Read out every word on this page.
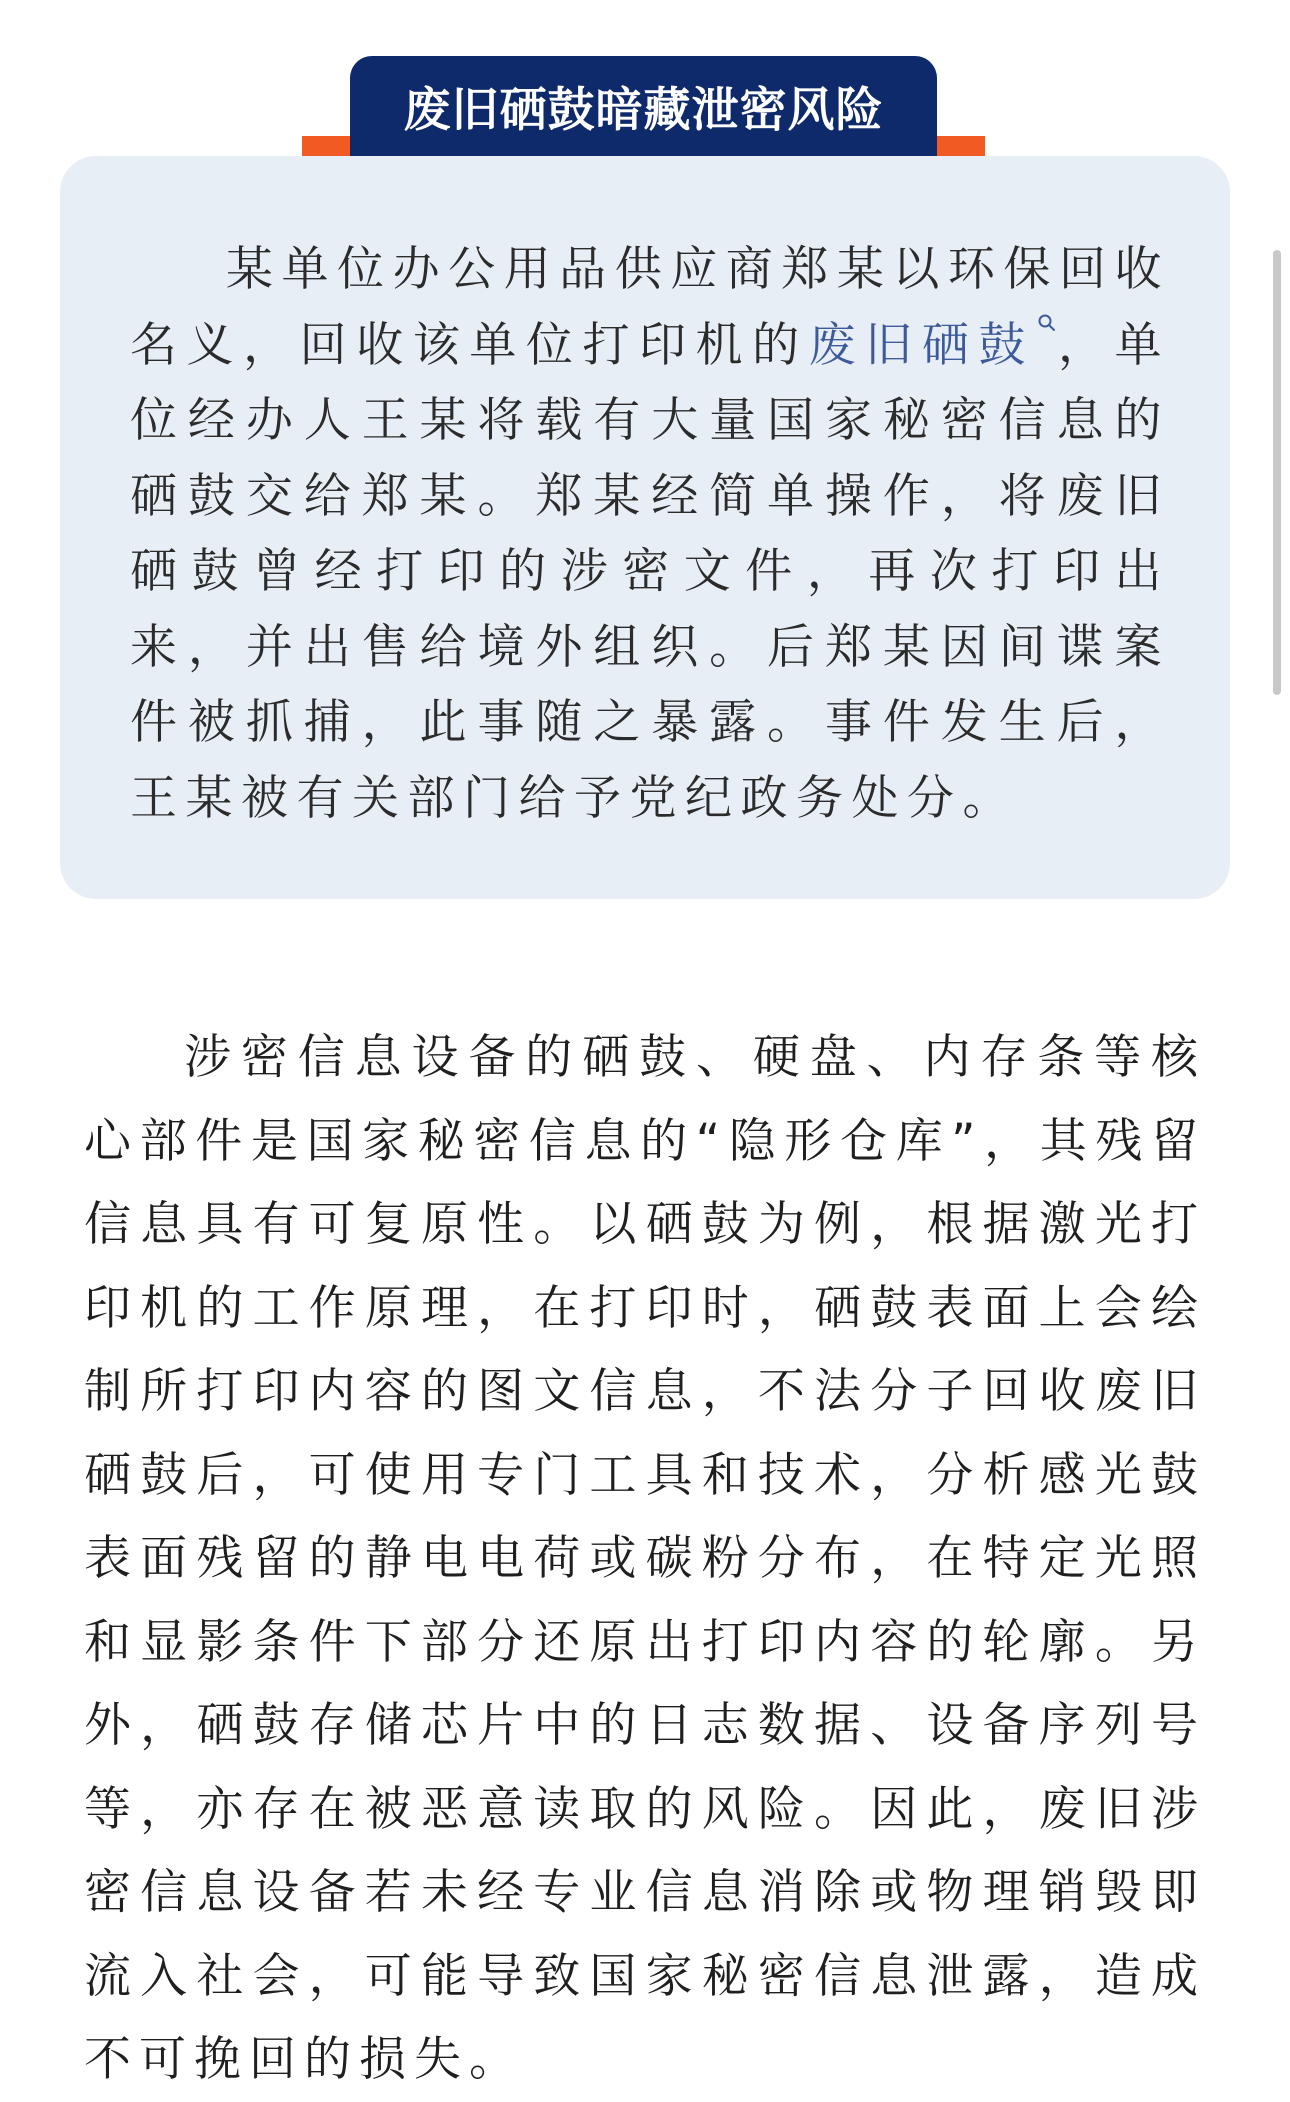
废旧硒鼓暗藏泄密风险

某单位办公用品供应商郑某以环保回收名义，回收该单位打印机的废旧硒鼓 ，单位经办人王某将载有大量国家秘密信息的硒鼓交给郑某。郑某经简单操作，将废旧硒鼓曾经打印的涉密文件，再次打印出来，并出售给境外组织。后郑某因间谍案件被抓捕，此事随之暴露。事件发生后，王某被有关部门给予党纪政务处分。

涉密信息设备的硒鼓、硬盘、内存条等核心部件是国家秘密信息的“隐形仓库”，其残留信息具有可复原性。以硒鼓为例，根据激光打印机的工作原理，在打印时，硒鼓表面上会绘制所打印内容的图文信息，不法分子回收废旧硒鼓后，可使用专门工具和技术，分析感光鼓表面残留的静电电荷或碳粉分布，在特定光照和显影条件下部分还原出打印内容的轮廓。另外，硒鼓存储芯片中的日志数据、设备序列号等，亦存在被恶意读取的风险。因此，废旧涉密信息设备若未经专业信息消除或物理销毁即流入社会，可能导致国家秘密信息泄露，造成不可挽回的损失。
